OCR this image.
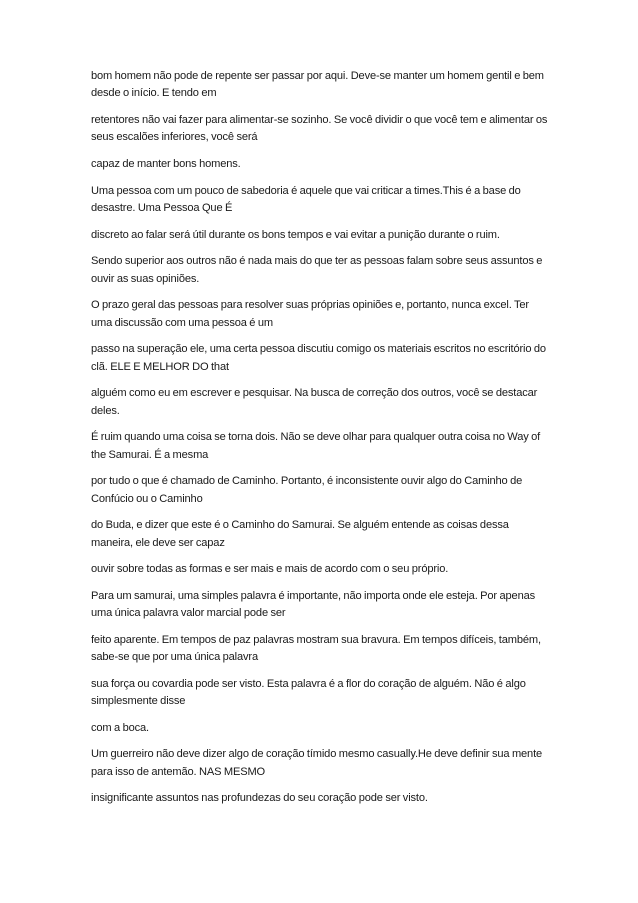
bom homem não pode de repente ser passar por aqui. Deve-se manter um homem gentil e bem desde o início. E tendo em

retentores não vai fazer para alimentar-se sozinho. Se você dividir o que você tem e alimentar os seus escalões inferiores, você será

capaz de manter bons homens.

Uma pessoa com um pouco de sabedoria é aquele que vai criticar a times.This é a base do desastre. Uma Pessoa Que É

discreto ao falar será útil durante os bons tempos e vai evitar a punição durante o ruim.

Sendo superior aos outros não é nada mais do que ter as pessoas falam sobre seus assuntos e ouvir as suas opiniões.

O prazo geral das pessoas para resolver suas próprias opiniões e, portanto, nunca excel. Ter uma discussão com uma pessoa é um

passo na superação ele, uma certa pessoa discutiu comigo os materiais escritos no escritório do clã. ELE E MELHOR DO that

alguém como eu em escrever e pesquisar. Na busca de correção dos outros, você se destacar deles.

É ruim quando uma coisa se torna dois. Não se deve olhar para qualquer outra coisa no Way of the Samurai. É a mesma

por tudo o que é chamado de Caminho. Portanto, é inconsistente ouvir algo do Caminho de Confúcio ou o Caminho

do Buda, e dizer que este é o Caminho do Samurai. Se alguém entende as coisas dessa maneira, ele deve ser capaz

ouvir sobre todas as formas e ser mais e mais de acordo com o seu próprio.

Para um samurai, uma simples palavra é importante, não importa onde ele esteja. Por apenas uma única palavra valor marcial pode ser

feito aparente. Em tempos de paz palavras mostram sua bravura. Em tempos difíceis, também, sabe-se que por uma única palavra

sua força ou covardia pode ser visto. Esta palavra é a flor do coração de alguém. Não é algo simplesmente disse

com a boca.

Um guerreiro não deve dizer algo de coração tímido mesmo casually.He deve definir sua mente para isso de antemão. NAS MESMO

insignificante assuntos nas profundezas do seu coração pode ser visto.
